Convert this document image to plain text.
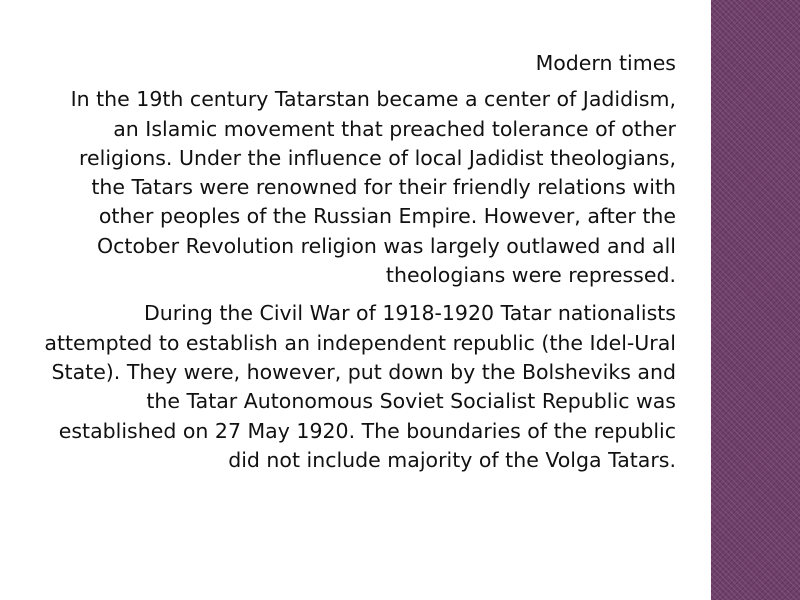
Modern times

In the 19th century Tatarstan became a center of Jadidism, an Islamic movement that preached tolerance of other religions. Under the influence of local Jadidist theologians, the Tatars were renowned for their friendly relations with other peoples of the Russian Empire. However, after the October Revolution religion was largely outlawed and all theologians were repressed.

During the Civil War of 1918-1920 Tatar nationalists attempted to establish an independent republic (the Idel-Ural State). They were, however, put down by the Bolsheviks and the Tatar Autonomous Soviet Socialist Republic was established on 27 May 1920. The boundaries of the republic did not include majority of the Volga Tatars.
